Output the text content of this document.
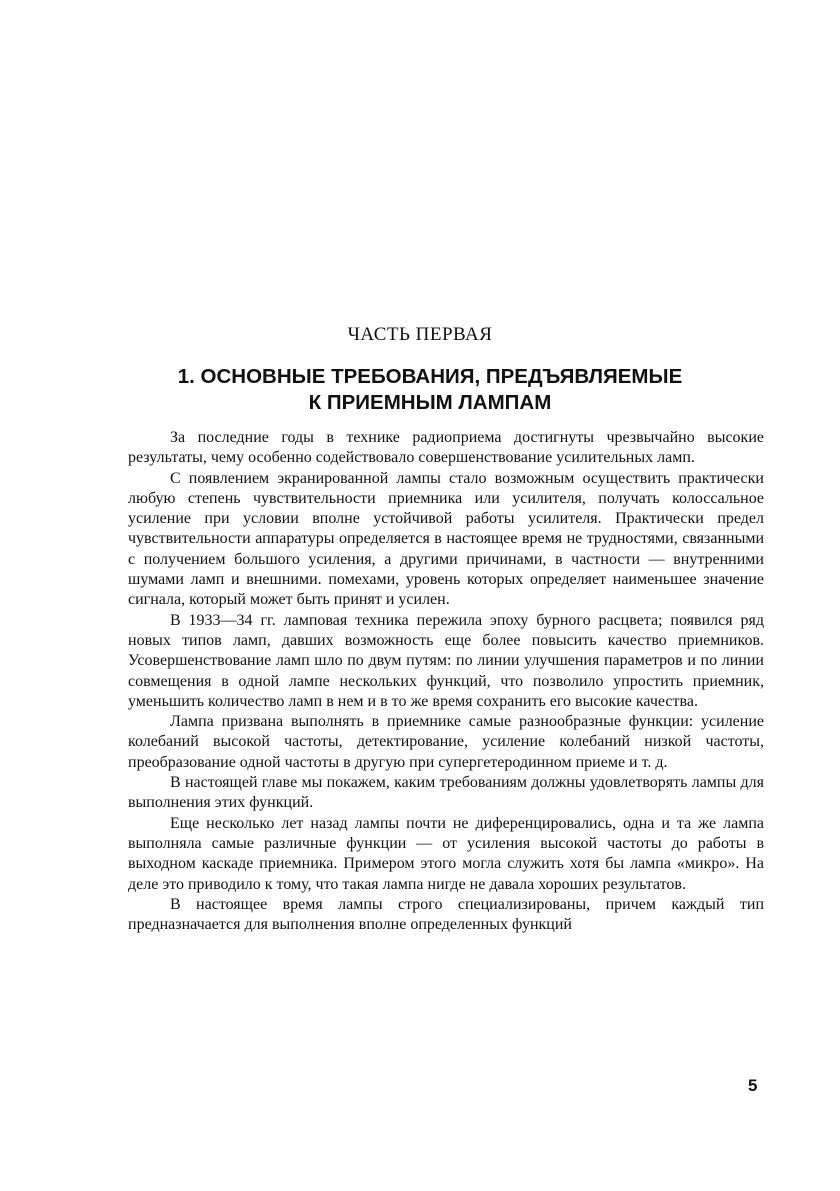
ЧАСТЬ ПЕРВАЯ
1. ОСНОВНЫЕ ТРЕБОВАНИЯ, ПРЕДЪЯВЛЯЕМЫЕ
К ПРИЕМНЫМ ЛАМПАМ

За последние годы в технике радиоприема достигнуты чрезвычайно высокие результаты, чему особенно содействовало совершенствование усилительных ламп.

С появлением экранированной лампы стало возможным осуществить практически любую степень чувствительности приемника или усилителя, получать колоссальное усиление при условии вполне устойчивой работы усилителя. Практически предел чувствительности аппаратуры определяется в настоящее время не трудностями, связанными с получением большого усиления, а другими причинами, в частности — внутренними шумами ламп и внешними. помехами, уровень которых определяет наименьшее значение сигнала, который может быть принят и усилен.

В 1933—34 гг. ламповая техника пережила эпоху бурного расцвета; появился ряд новых типов ламп, давших возможность еще более повысить качество приемников. Усовершенствование ламп шло по двум путям: по линии улучшения параметров и по линии совмещения в одной лампе нескольких функций, что позволило упростить приемник, уменьшить количество ламп в нем и в то же время сохранить его высокие качества.

Лампа призвана выполнять в приемнике самые разнообразные функции: усиление колебаний высокой частоты, детектирование, усиление колебаний низкой частоты, преобразование одной частоты в другую при супергетеродинном приеме и т. д.

В настоящей главе мы покажем, каким требованиям должны удовлетворять лампы для выполнения этих функций.

Еще несколько лет назад лампы почти не диференцировались, одна и та же лампа выполняла самые различные функции — от усиления высокой частоты до работы в выходном каскаде приемника. Примером этого могла служить хотя бы лампа «микро». На деле это приводило к тому, что такая лампа нигде не давала хороших результатов.

В настоящее время лампы строго специализированы, причем каждый тип предназначается для выполнения вполне определенных функций

5
